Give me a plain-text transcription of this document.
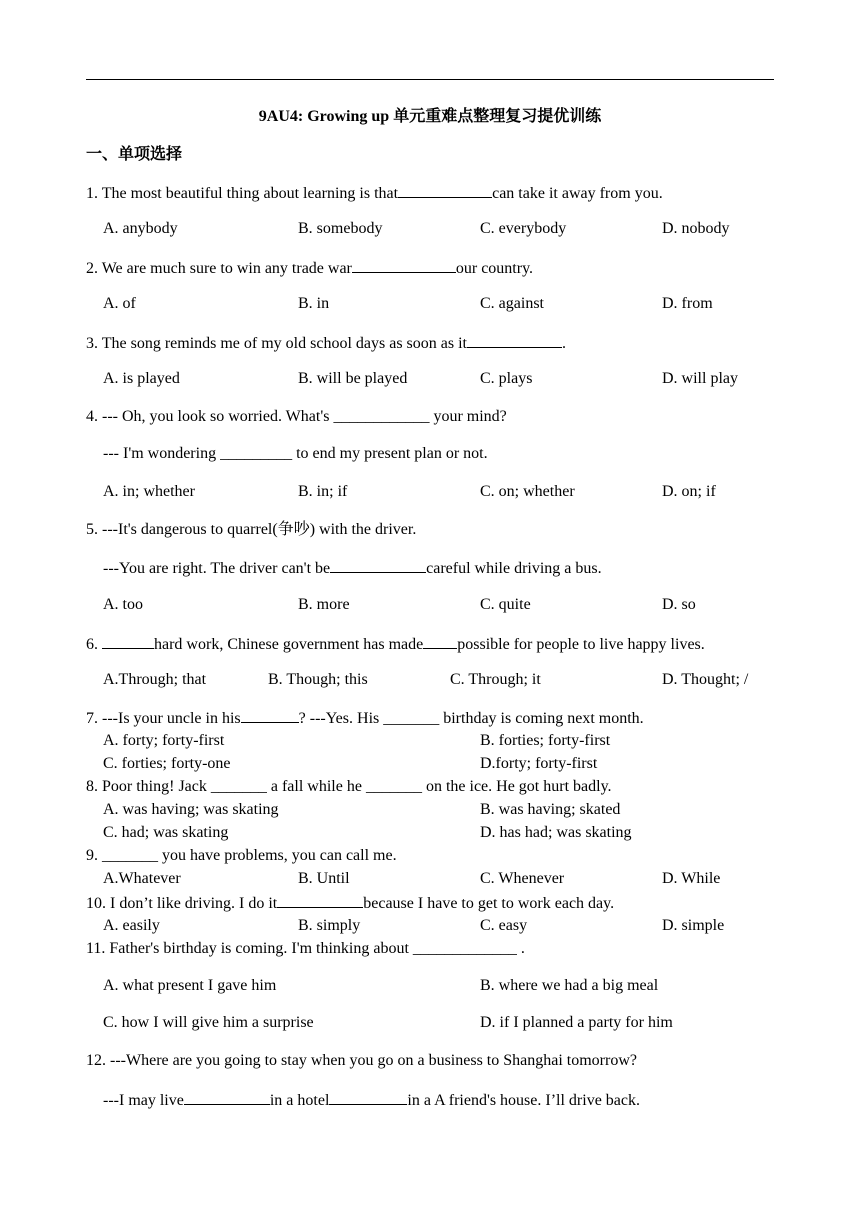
9AU4: Growing up 单元重难点整理复习提优训练
一、单项选择
1. The most beautiful thing about learning is that	can take it away from you.
A. anybody	B. somebody	C. everybody	D. nobody
2. We are much sure to win any trade war	our country.
A. of	B. in	C. against	D. from
3. The song reminds me of my old school days as soon as it	.
A. is played	B. will be played	C. plays	D. will play
4. --- Oh, you look so worried. What's ____________ your mind?
--- I'm wondering _________ to end my present plan or not.
A. in; whether	B. in; if	C. on; whether	D. on; if
5. ---It's dangerous to quarrel(争吵) with the driver.
---You are right. The driver can't be	careful while driving a bus.
A. too	B. more	C. quite	D. so
6.	hard work, Chinese government has made possible for people to live happy lives.
A.Through; that	B. Though; this	C. Through; it	D. Thought; /
7. ---Is your uncle in his	? ---Yes. His _______ birthday is coming next month.
A. forty; forty-first	B. forties; forty-first
C. forties; forty-one	D.forty; forty-first
8. Poor thing! Jack _______ a fall while he _______ on the ice. He got hurt badly.
A. was having; was skating	B. was having; skated
C. had; was skating	D. has had; was skating
9. _______ you have problems, you can call me.
A.Whatever	B. Until	C. Whenever	D. While
10. I don’t like driving. I do it	because I have to get to work each day.
A. easily	B. simply	C. easy	D. simple
11. Father's birthday is coming. I'm thinking about _____________ .
A. what present I gave him	B. where we had a big meal
C. how I will give him a surprise	D. if I planned a party for him
12. ---Where are you going to stay when you go on a business to Shanghai tomorrow?
---I may live	in a hotel	in a A friend's house. I’ll drive back.
